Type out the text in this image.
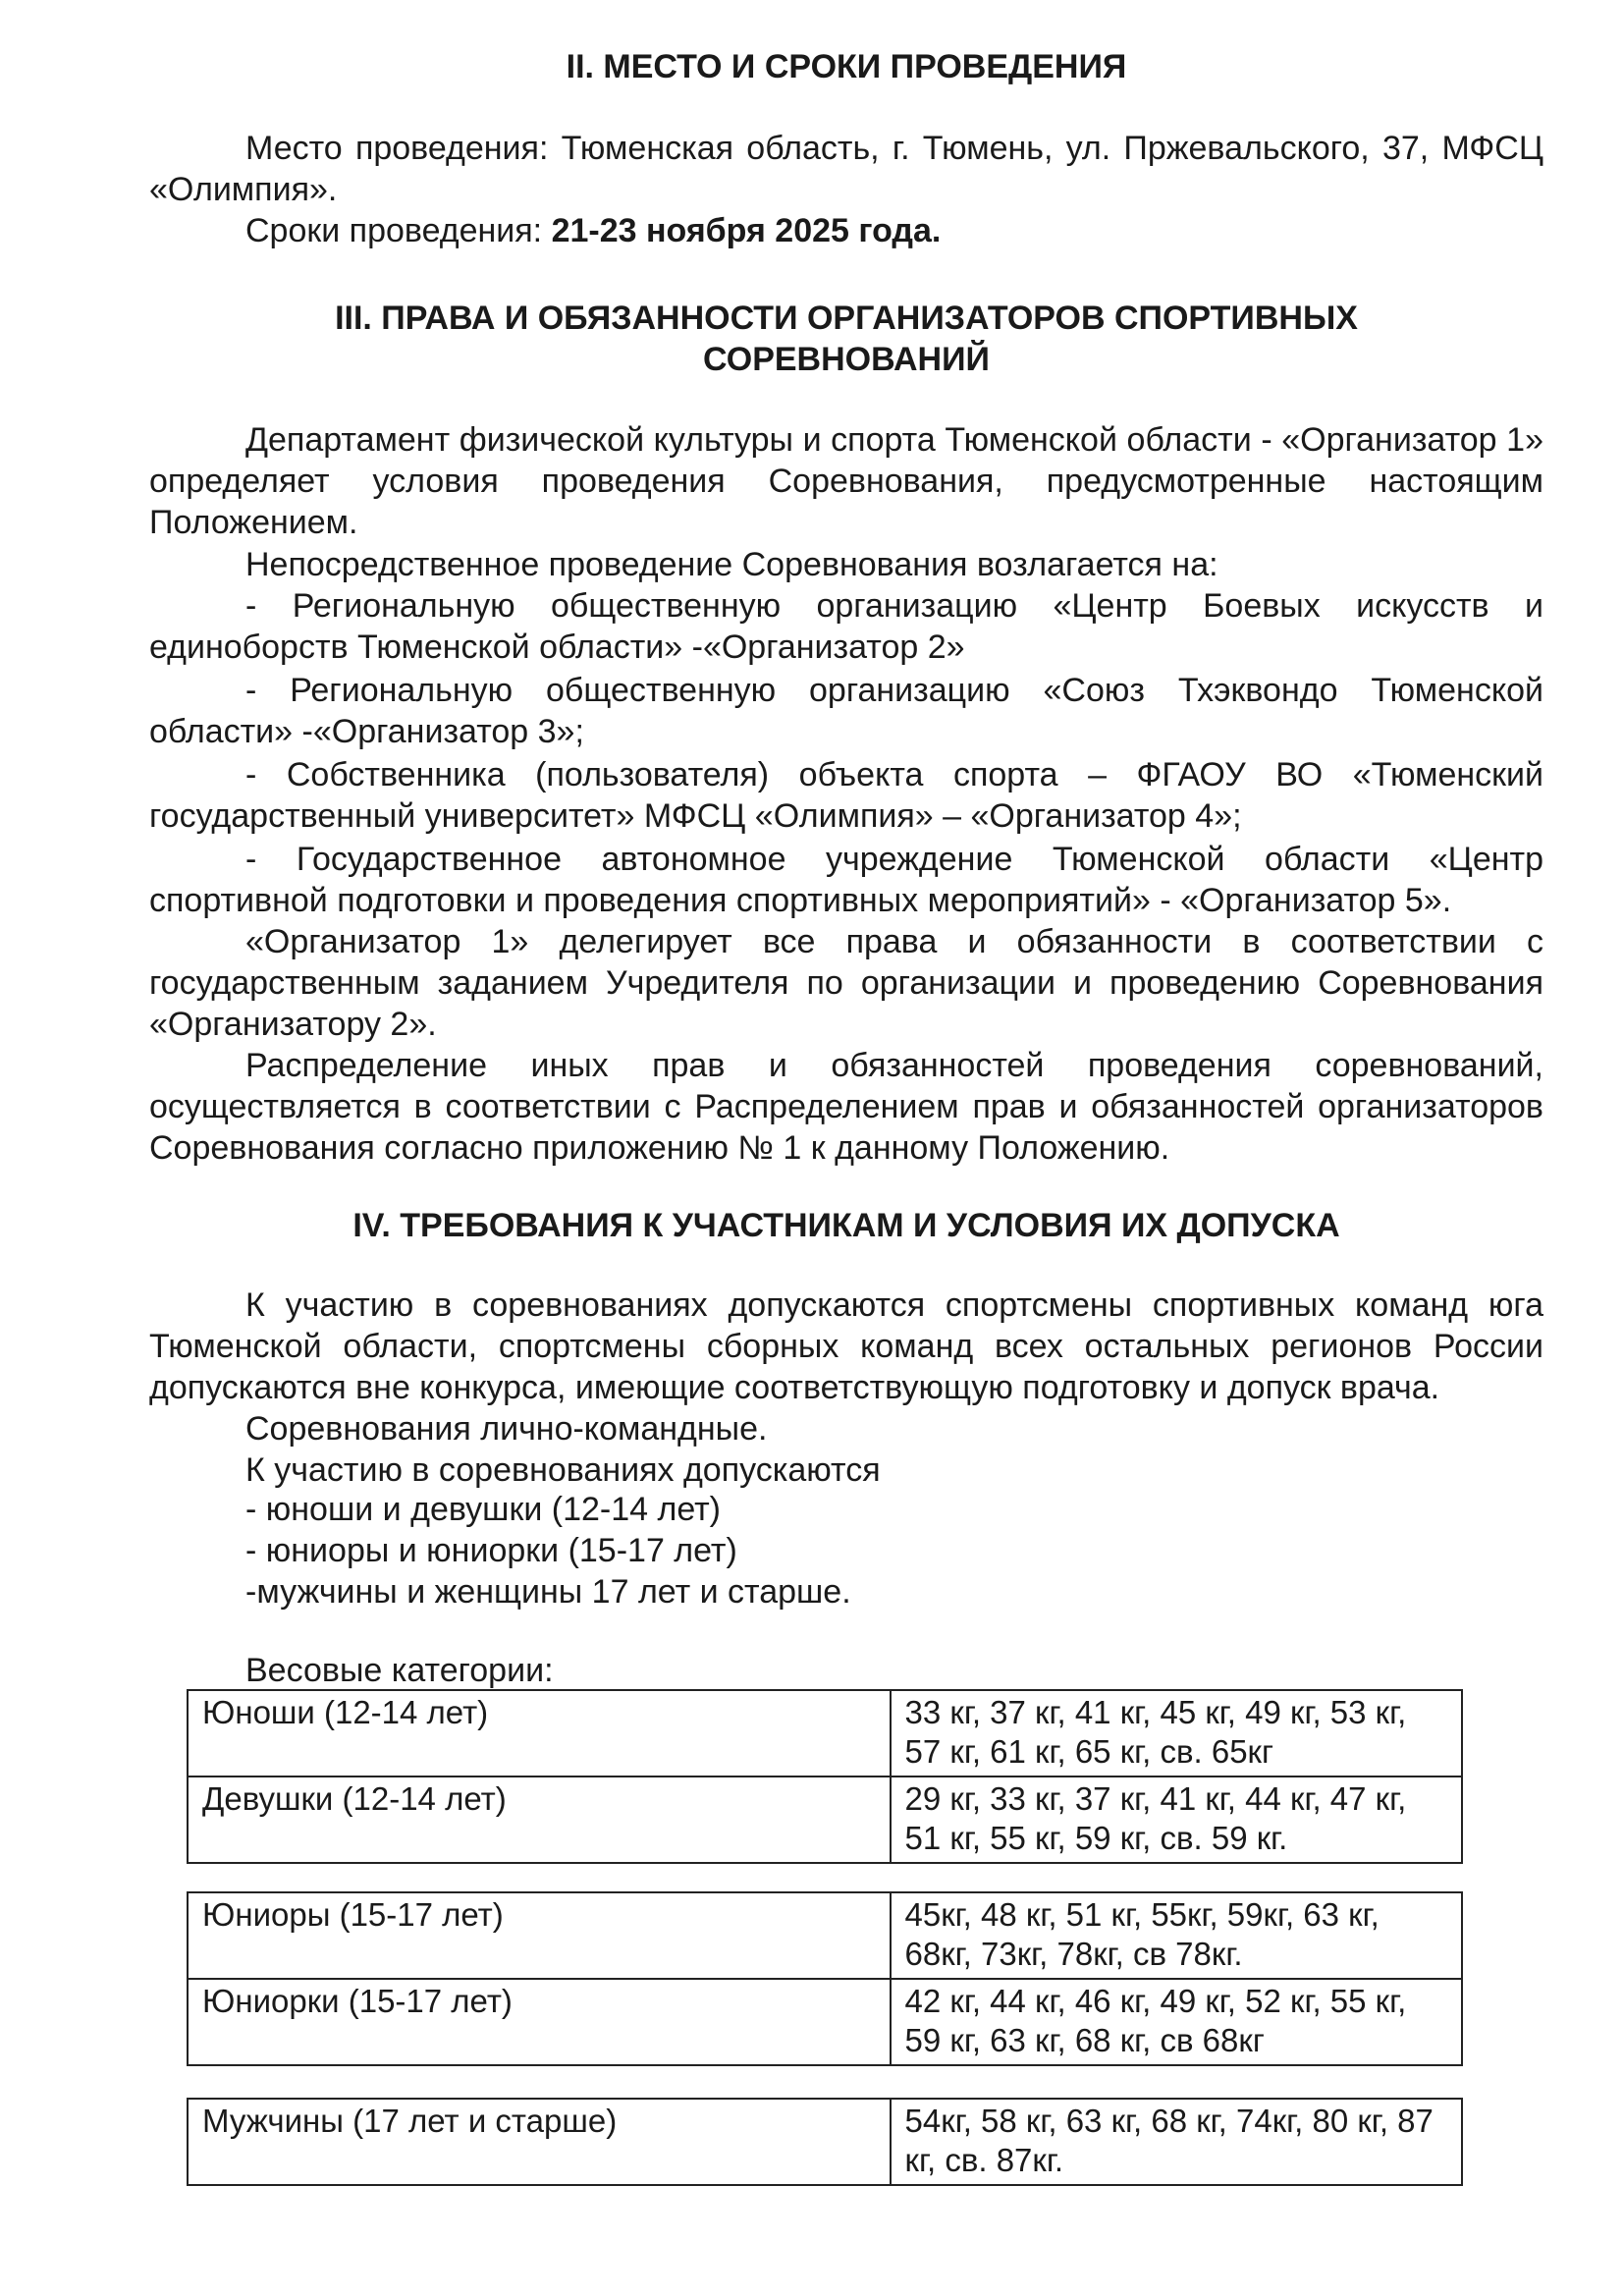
II. МЕСТО И СРОКИ ПРОВЕДЕНИЯ

Место проведения: Тюменская область, г. Тюмень, ул. Пржевальского, 37, МФСЦ «Олимпия».

Сроки проведения: 21-23 ноября 2025 года.

III. ПРАВА И ОБЯЗАННОСТИ ОРГАНИЗАТОРОВ СПОРТИВНЫХ
СОРЕВНОВАНИЙ

Департамент физической культуры и спорта Тюменской области - «Организатор 1» определяет условия проведения Соревнования, предусмотренные настоящим Положением.

Непосредственное проведение Соревнования возлагается на:

- Региональную общественную организацию «Центр Боевых искусств и единоборств Тюменской области» -«Организатор 2»

- Региональную общественную организацию «Союз Тхэквондо Тюменской области» -«Организатор 3»;

- Собственника (пользователя) объекта спорта – ФГАОУ ВО «Тюменский государственный университет» МФСЦ «Олимпия» – «Организатор 4»;

- Государственное автономное учреждение Тюменской области «Центр спортивной подготовки и проведения спортивных мероприятий» - «Организатор 5».

«Организатор 1» делегирует все права и обязанности в соответствии с государственным заданием Учредителя по организации и проведению Соревнования «Организатору 2».

Распределение иных прав и обязанностей проведения соревнований, осуществляется в соответствии с Распределением прав и обязанностей организаторов Соревнования согласно приложению № 1 к данному Положению.

IV. ТРЕБОВАНИЯ К УЧАСТНИКАМ И УСЛОВИЯ ИХ ДОПУСКА

К участию в соревнованиях допускаются спортсмены спортивных команд юга Тюменской области, спортсмены сборных команд всех остальных регионов России допускаются вне конкурса, имеющие соответствующую подготовку и допуск врача.

Соревнования лично-командные.

К участию в соревнованиях допускаются

- юноши и девушки (12-14 лет)

- юниоры и юниорки (15-17 лет)

-мужчины и женщины 17 лет и старше.

Весовые категории:

Юноши (12-14 лет)	33 кг, 37 кг, 41 кг, 45 кг, 49 кг, 53 кг, 57 кг, 61 кг, 65 кг, св. 65кг
Девушки (12-14 лет)	29 кг, 33 кг, 37 кг, 41 кг, 44 кг, 47 кг, 51 кг, 55 кг, 59 кг, св. 59 кг.
Юниоры (15-17 лет)	45кг, 48 кг, 51 кг, 55кг, 59кг, 63 кг, 68кг, 73кг, 78кг, св 78кг.
Юниорки (15-17 лет)	42 кг, 44 кг, 46 кг, 49 кг, 52 кг, 55 кг, 59 кг, 63 кг, 68 кг, св 68кг
Мужчины (17 лет и старше)	54кг, 58 кг, 63 кг, 68 кг, 74кг, 80 кг, 87 кг, св. 87кг.
